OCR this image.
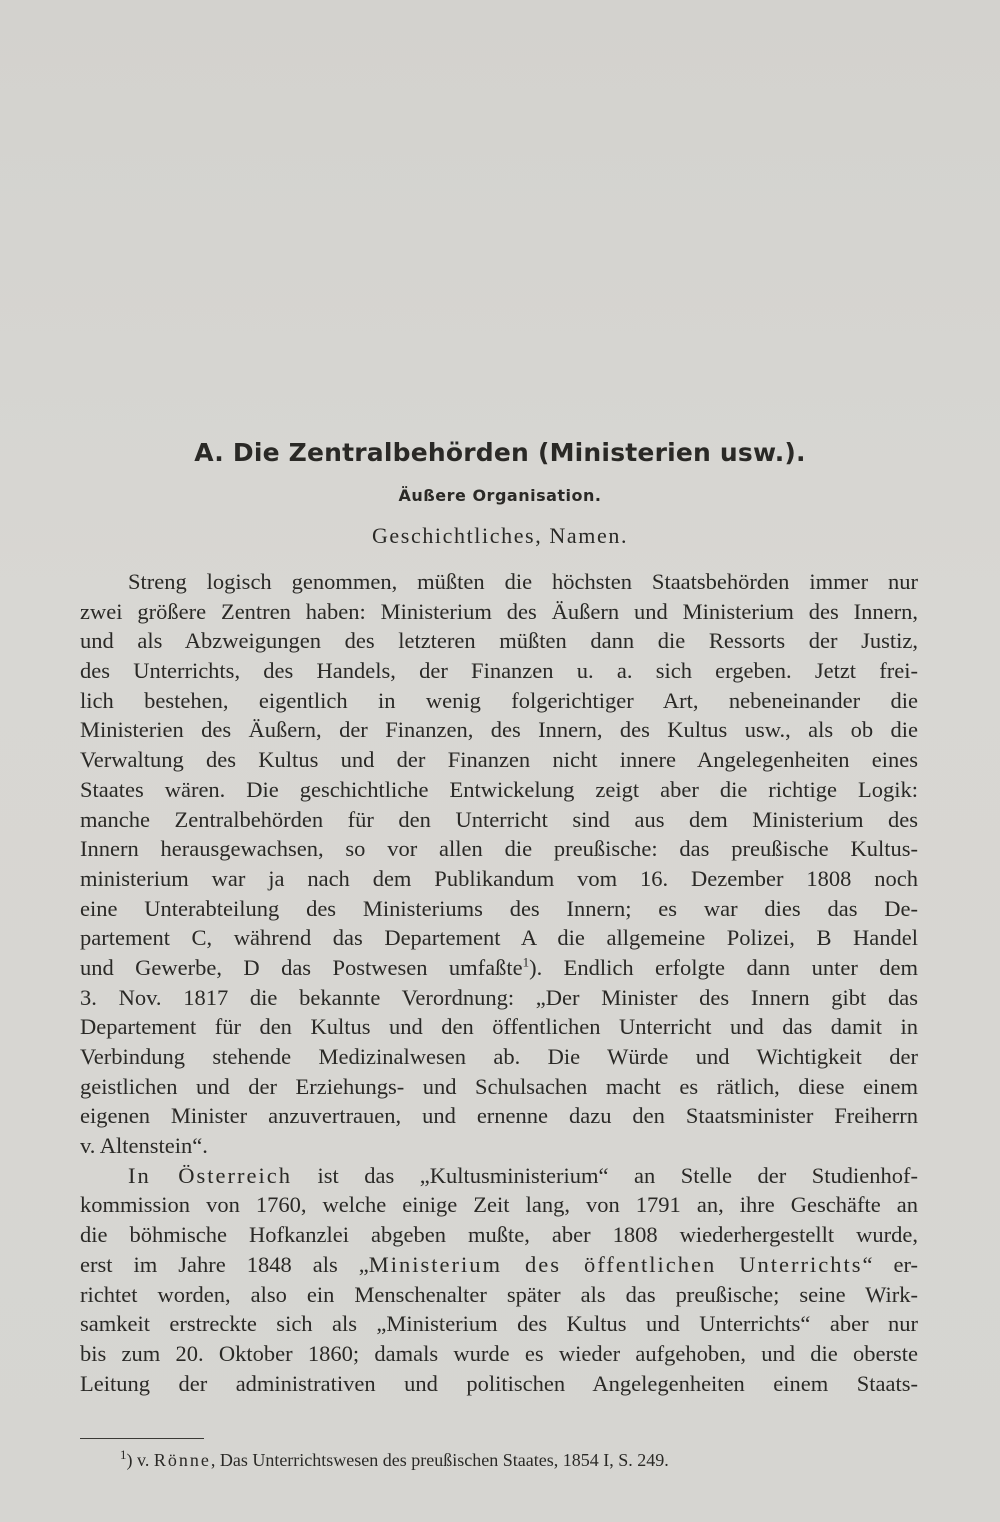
A. Die Zentralbehörden (Ministerien usw.).
Äußere Organisation.
Geschichtliches, Namen.
Streng logisch genommen, müßten die höchsten Staatsbehörden immer nur
zwei größere Zentren haben: Ministerium des Äußern und Ministerium des Innern,
und als Abzweigungen des letzteren müßten dann die Ressorts der Justiz,
des Unterrichts, des Handels, der Finanzen u. a. sich ergeben. Jetzt frei-
lich bestehen, eigentlich in wenig folgerichtiger Art, nebeneinander die
Ministerien des Äußern, der Finanzen, des Innern, des Kultus usw., als ob die
Verwaltung des Kultus und der Finanzen nicht innere Angelegenheiten eines
Staates wären. Die geschichtliche Entwickelung zeigt aber die richtige Logik:
manche Zentralbehörden für den Unterricht sind aus dem Ministerium des
Innern herausgewachsen, so vor allen die preußische: das preußische Kultus-
ministerium war ja nach dem Publikandum vom 16. Dezember 1808 noch
eine Unterabteilung des Ministeriums des Innern; es war dies das De-
partement C, während das Departement A die allgemeine Polizei, B Handel
und Gewerbe, D das Postwesen umfaßte$^1$). Endlich erfolgte dann unter dem
3. Nov. 1817 die bekannte Verordnung: „Der Minister des Innern gibt das
Departement für den Kultus und den öffentlichen Unterricht und das damit in
Verbindung stehende Medizinalwesen ab. Die Würde und Wichtigkeit der
geistlichen und der Erziehungs- und Schulsachen macht es rätlich, diese einem
eigenen Minister anzuvertrauen, und ernenne dazu den Staatsminister Freiherrn
v. Altenstein“.
In Österreich ist das „Kultusministerium“ an Stelle der Studienhof-
kommission von 1760, welche einige Zeit lang, von 1791 an, ihre Geschäfte an
die böhmische Hofkanzlei abgeben mußte, aber 1808 wiederhergestellt wurde,
erst im Jahre 1848 als „Ministerium des öffentlichen Unterrichts“ er-
richtet worden, also ein Menschenalter später als das preußische; seine Wirk-
samkeit erstreckte sich als „Ministerium des Kultus und Unterrichts“ aber nur
bis zum 20. Oktober 1860; damals wurde es wieder aufgehoben, und die oberste
Leitung der administrativen und politischen Angelegenheiten einem Staats-
$^1$) v. Rönne, Das Unterrichtswesen des preußischen Staates, 1854 I, S. 249.
